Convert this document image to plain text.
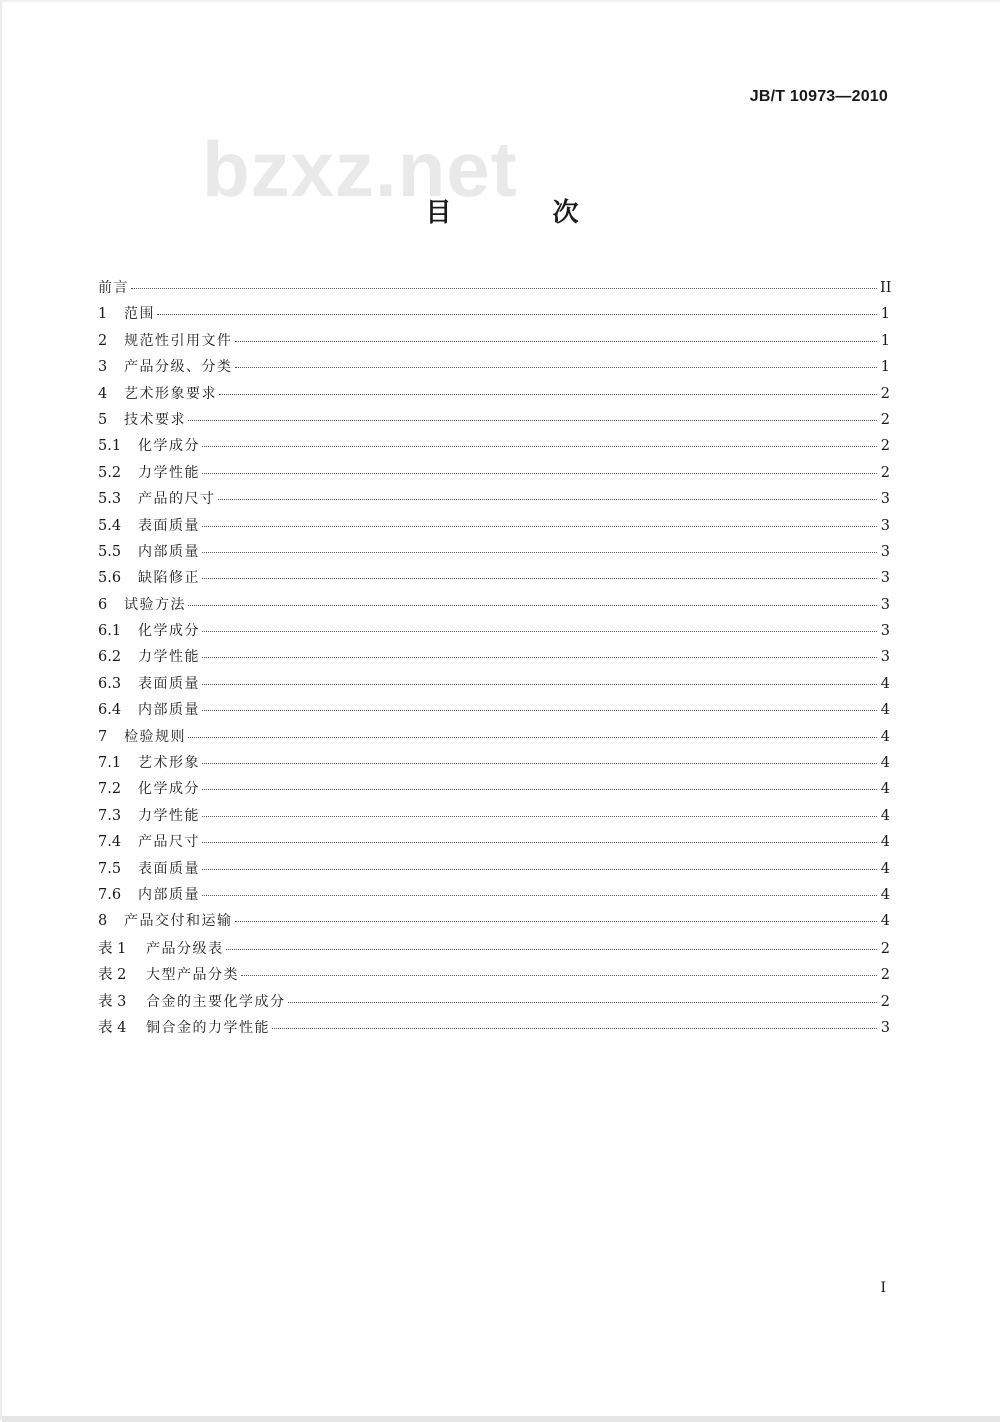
JB/T 10973—2010
bzxz.net
目 次
前言	II
1	范围	1
2	规范性引用文件	1
3	产品分级、分类	1
4	艺术形象要求	2
5	技术要求	2
5.1	化学成分	2
5.2	力学性能	2
5.3	产品的尺寸	3
5.4	表面质量	3
5.5	内部质量	3
5.6	缺陷修正	3
6	试验方法	3
6.1	化学成分	3
6.2	力学性能	3
6.3	表面质量	4
6.4	内部质量	4
7	检验规则	4
7.1	艺术形象	4
7.2	化学成分	4
7.3	力学性能	4
7.4	产品尺寸	4
7.5	表面质量	4
7.6	内部质量	4
8	产品交付和运输	4
表 1	产品分级表	2
表 2	大型产品分类	2
表 3	合金的主要化学成分	2
表 4	铜合金的力学性能	3
I
